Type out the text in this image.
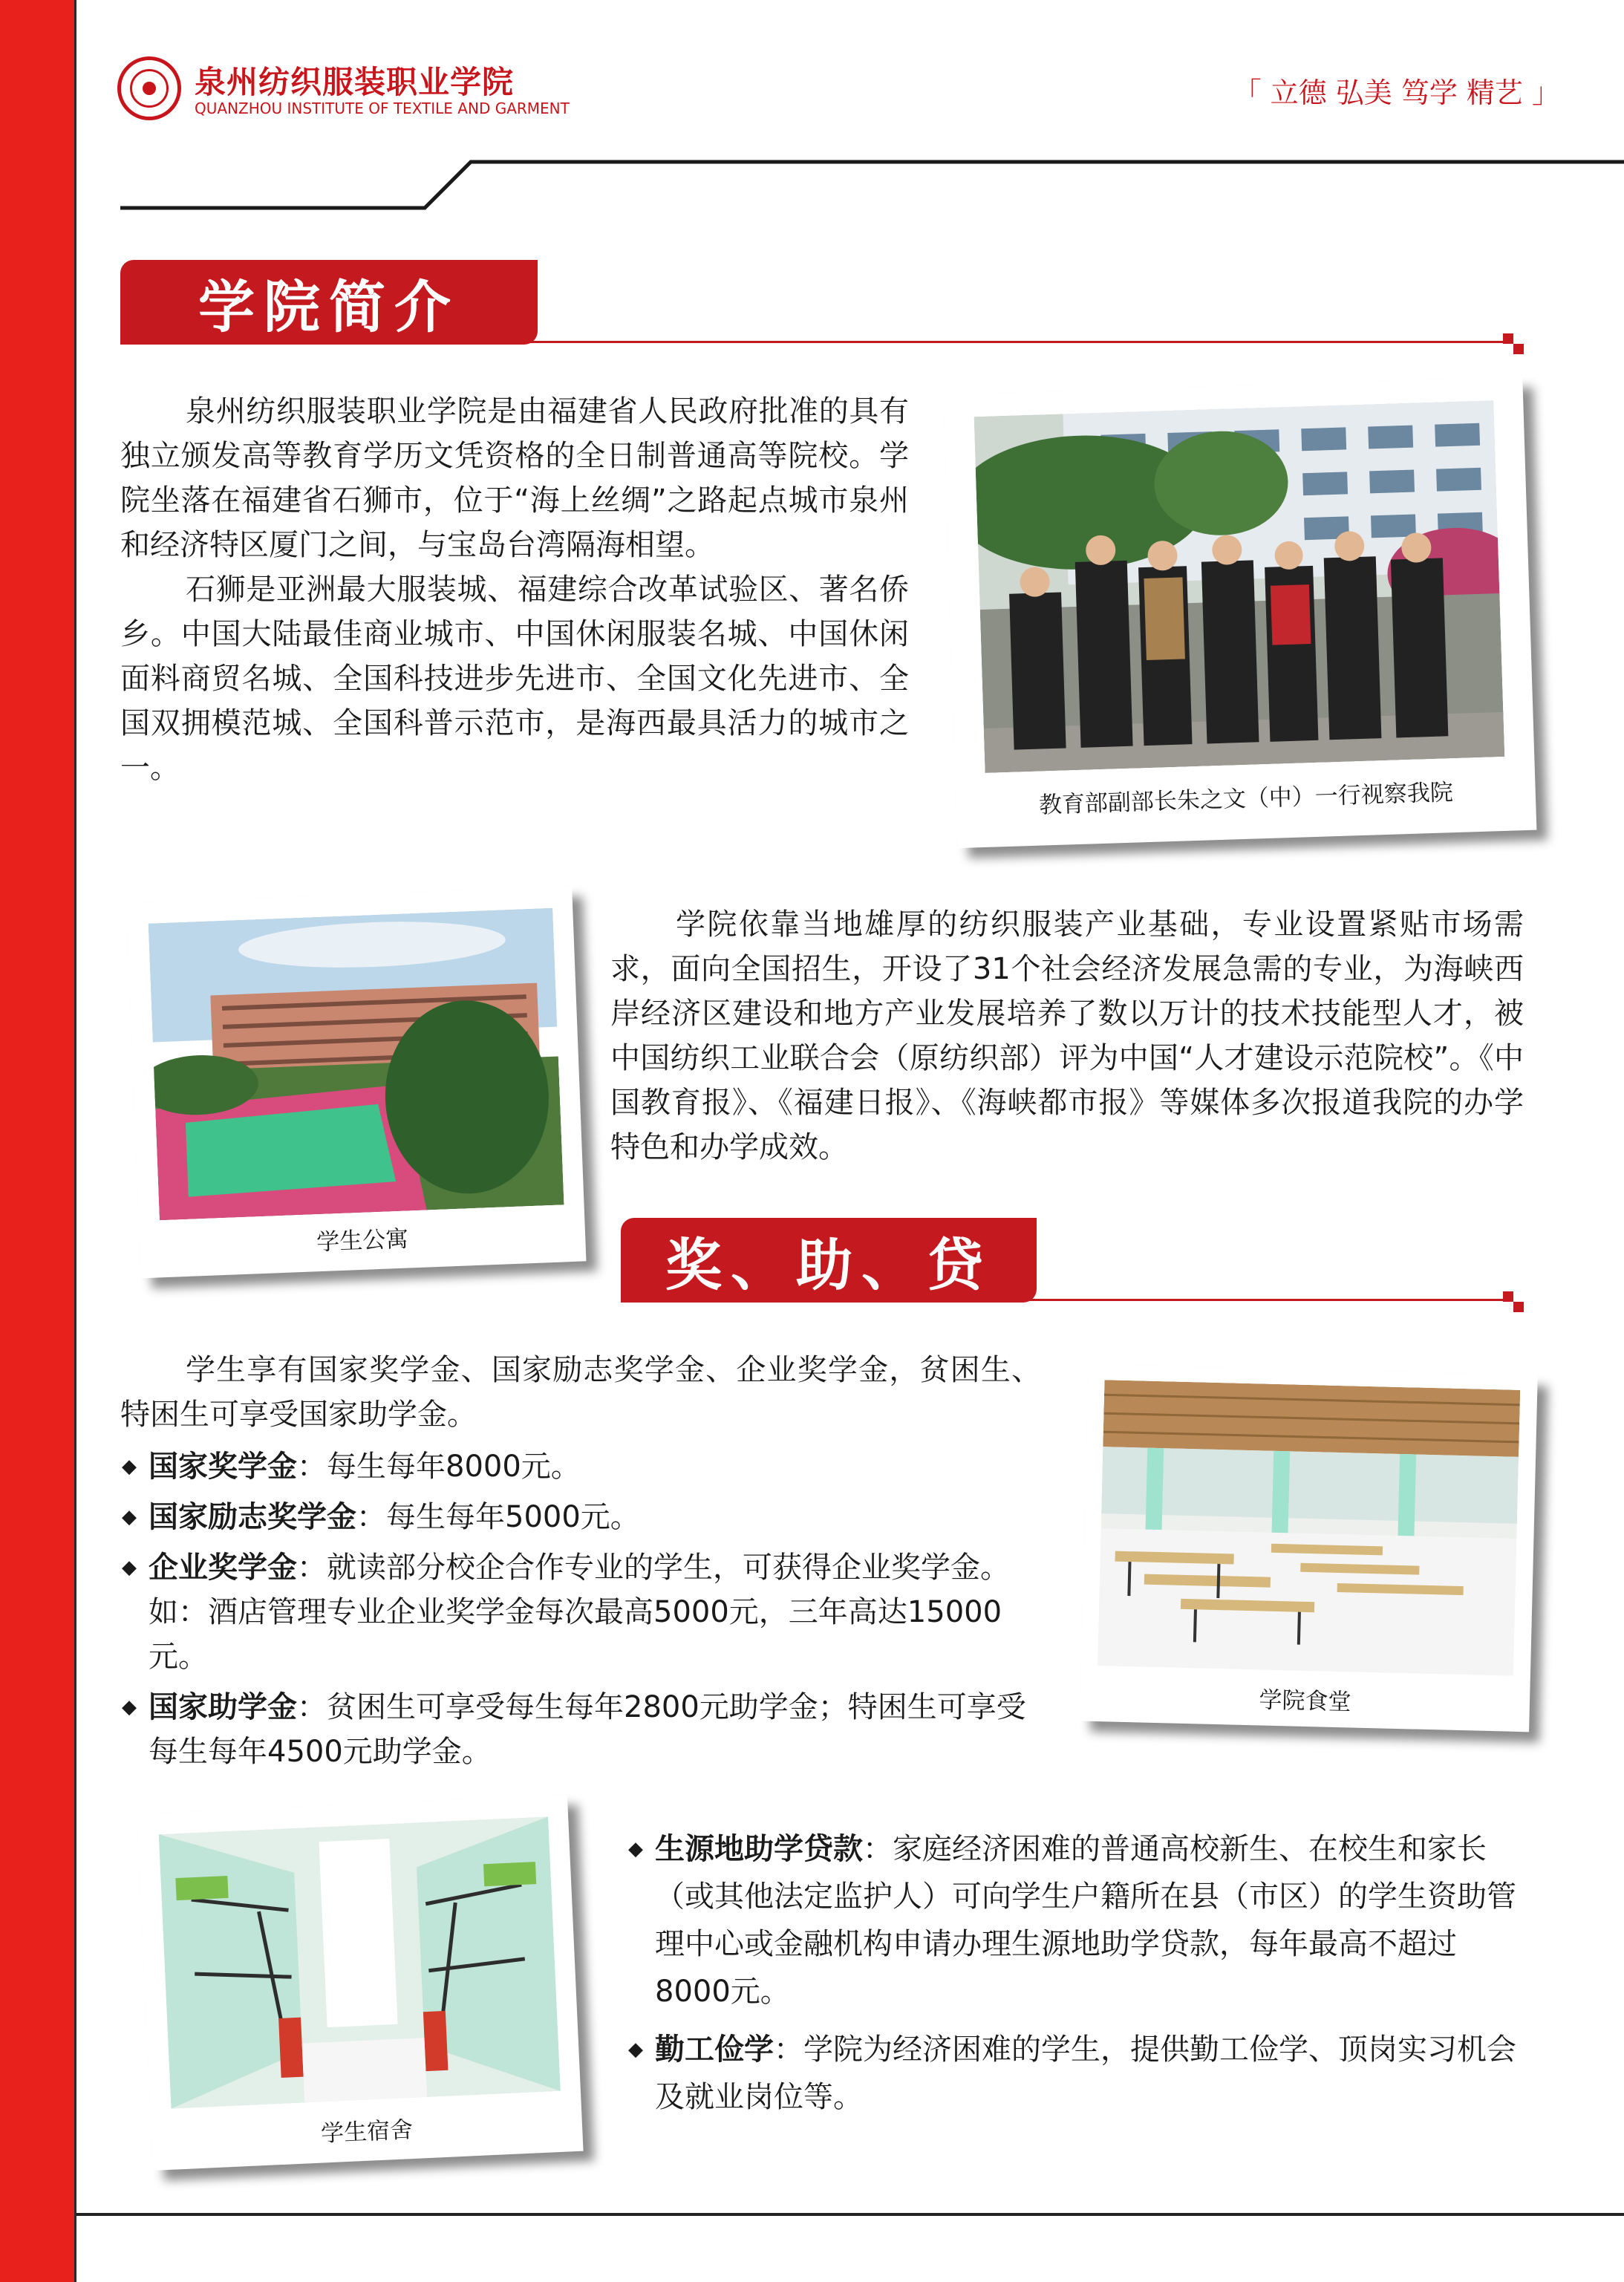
泉州纺织服装职业学院
QUANZHOU INSTITUTE OF TEXTILE AND GARMENT	「 立德 弘美 笃学 精艺 」
学院简介

泉州纺织服装职业学院是由福建省人民政府批准的具有独立颁发高等教育学历文凭资格的全日制普通高等院校。学院坐落在福建省石狮市，位于“海上丝绸”之路起点城市泉州和经济特区厦门之间，与宝岛台湾隔海相望。

石狮是亚洲最大服装城、福建综合改革试验区、著名侨乡。中国大陆最佳商业城市、中国休闲服装名城、中国休闲面料商贸名城、全国科技进步先进市、全国文化先进市、全国双拥模范城、全国科普示范市，是海西最具活力的城市之一。

教育部副部长朱之文（中）一行视察我院
学生公寓

学院依靠当地雄厚的纺织服装产业基础，专业设置紧贴市场需求，面向全国招生，开设了31个社会经济发展急需的专业，为海峡西岸经济区建设和地方产业发展培养了数以万计的技术技能型人才，被中国纺织工业联合会（原纺织部）评为中国“人才建设示范院校”。《中国教育报》、《福建日报》、《海峡都市报》等媒体多次报道我院的办学特色和办学成效。

奖、助、贷

学生享有国家奖学金、国家励志奖学金、企业奖学金，贫困生、特困生可享受国家助学金。

◆ 国家奖学金：每生每年8000元。
◆ 国家励志奖学金：每生每年5000元。
◆ 企业奖学金：就读部分校企合作专业的学生，可获得企业奖学金。如：酒店管理专业企业奖学金每次最高5000元，三年高达15000元。
◆ 国家助学金：贫困生可享受每生每年2800元助学金；特困生可享受每生每年4500元助学金。
学院食堂
学生宿舍
◆ 生源地助学贷款：家庭经济困难的普通高校新生、在校生和家长（或其他法定监护人）可向学生户籍所在县（市区）的学生资助管理中心或金融机构申请办理生源地助学贷款，每年最高不超过8000元。
◆ 勤工俭学：学院为经济困难的学生，提供勤工俭学、顶岗实习机会及就业岗位等。
